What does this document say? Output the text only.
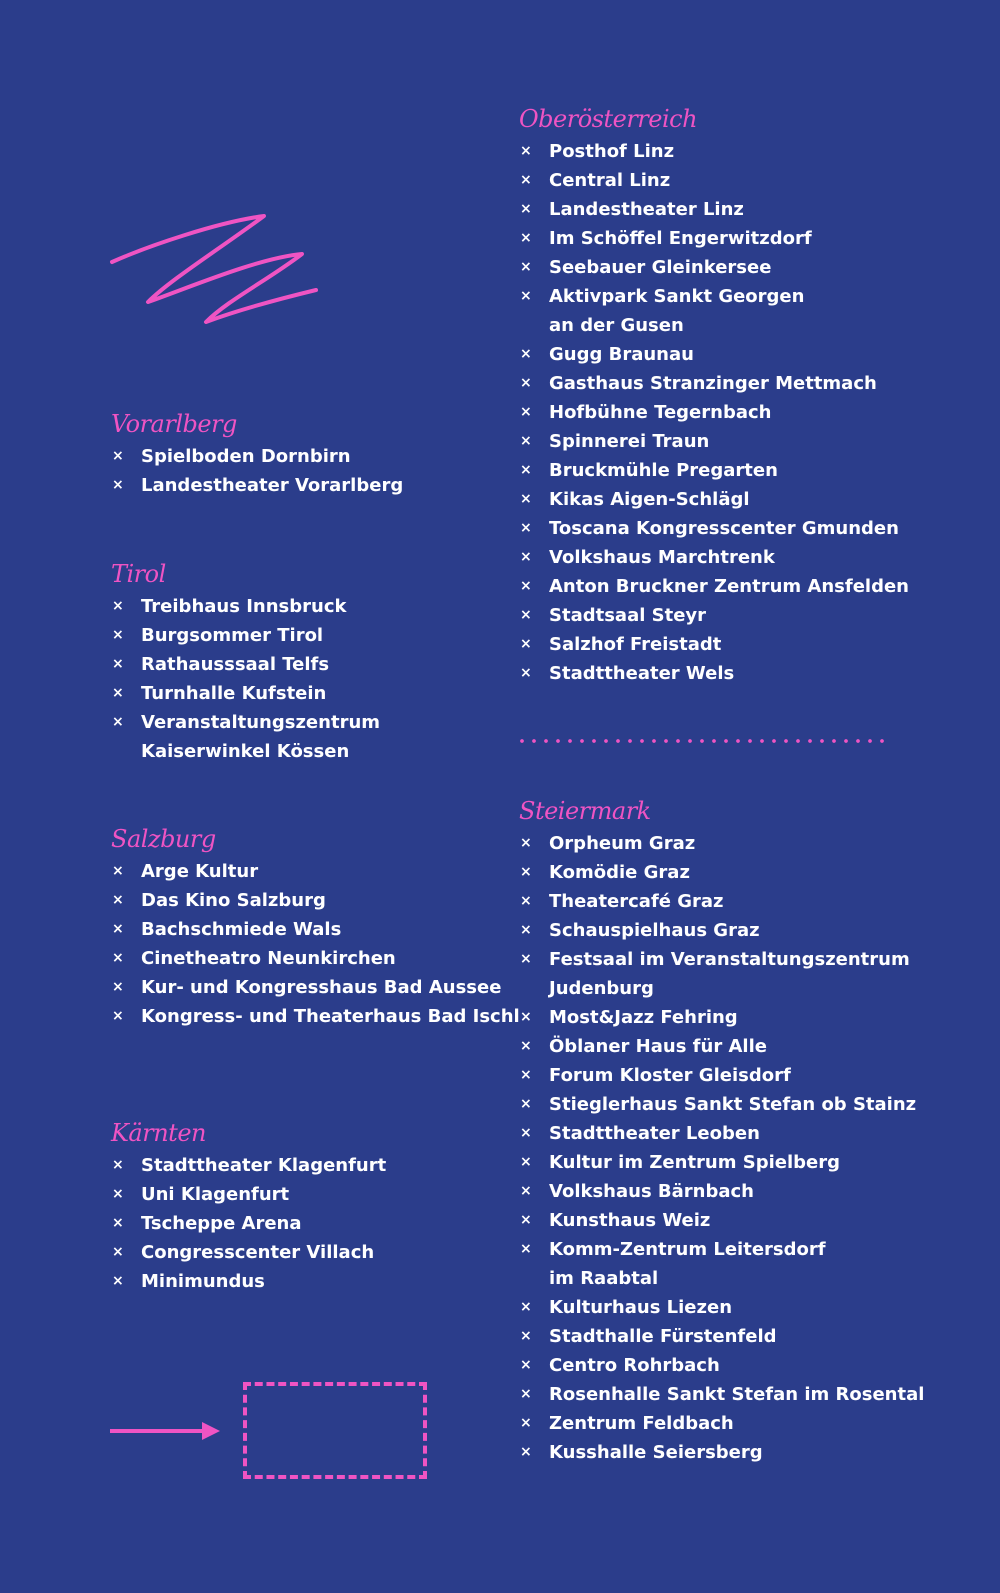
Vorarlberg
× Spielboden Dornbirn
× Landestheater Vorarlberg
Tirol
× Treibhaus Innsbruck
× Burgsommer Tirol
× Rathausssaal Telfs
× Turnhalle Kufstein
× Veranstaltungszentrum
Kaiserwinkel Kössen
Salzburg
× Arge Kultur
× Das Kino Salzburg
× Bachschmiede Wals
× Cinetheatro Neunkirchen
× Kur- und Kongresshaus Bad Aussee
× Kongress- und Theaterhaus Bad Ischl
Kärnten
× Stadttheater Klagenfurt
× Uni Klagenfurt
× Tscheppe Arena
× Congresscenter Villach
× Minimundus
Oberösterreich
× Posthof Linz
× Central Linz
× Landestheater Linz
× Im Schöffel Engerwitzdorf
× Seebauer Gleinkersee
× Aktivpark Sankt Georgen
an der Gusen
× Gugg Braunau
× Gasthaus Stranzinger Mettmach
× Hofbühne Tegernbach
× Spinnerei Traun
× Bruckmühle Pregarten
× Kikas Aigen-Schlägl
× Toscana Kongresscenter Gmunden
× Volkshaus Marchtrenk
× Anton Bruckner Zentrum Ansfelden
× Stadtsaal Steyr
× Salzhof Freistadt
× Stadttheater Wels
Steiermark
× Orpheum Graz
× Komödie Graz
× Theatercafé Graz
× Schauspielhaus Graz
× Festsaal im Veranstaltungszentrum
Judenburg
× Most&Jazz Fehring
× Öblaner Haus für Alle
× Forum Kloster Gleisdorf
× Stieglerhaus Sankt Stefan ob Stainz
× Stadttheater Leoben
× Kultur im Zentrum Spielberg
× Volkshaus Bärnbach
× Kunsthaus Weiz
× Komm-Zentrum Leitersdorf
im Raabtal
× Kulturhaus Liezen
× Stadthalle Fürstenfeld
× Centro Rohrbach
× Rosenhalle Sankt Stefan im Rosental
× Zentrum Feldbach
× Kusshalle Seiersberg
